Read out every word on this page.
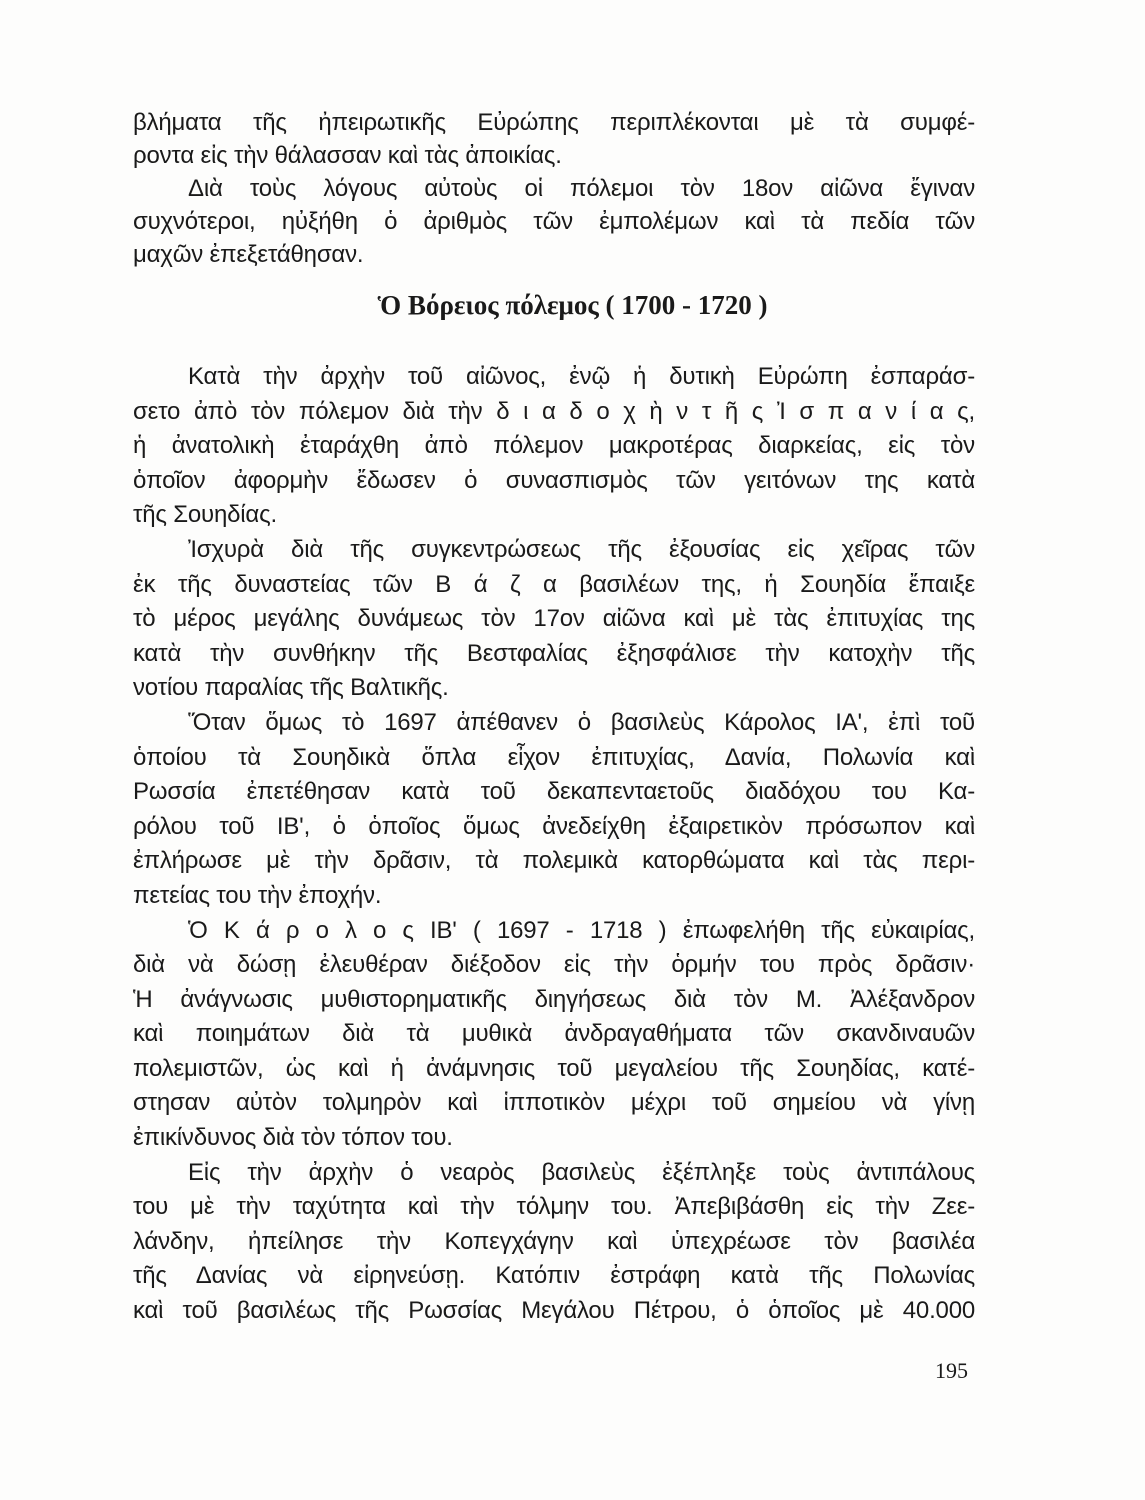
βλήματα τῆς ἠπειρωτικῆς Εὐρώπης περιπλέκονται μὲ τὰ συμφέ-
ροντα εἰς τὴν θάλασσαν καὶ τὰς ἀποικίας.
Διὰ τοὺς λόγους αὐτοὺς οἱ πόλεμοι τὸν 18ον αἰῶνα ἔγιναν
συχνότεροι, ηὐξήθη ὁ ἀριθμὸς τῶν ἐμπολέμων καὶ τὰ πεδία τῶν
μαχῶν ἐπεξετάθησαν.
Ὁ Βόρειος πόλεμος ( 1700 - 1720 )
Κατὰ τὴν ἀρχὴν τοῦ αἰῶνος, ἐνῷ ἡ δυτικὴ Εὐρώπη ἐσπαράσ-
σετο ἀπὸ τὸν πόλεμον διὰ τὴν δ ι α δ ο χ ὴ ν τ ῆ ς Ἰ σ π α ν ί α ς,
ἡ ἀνατολικὴ ἐταράχθη ἀπὸ πόλεμον μακροτέρας διαρκείας, εἰς τὸν
ὁποῖον ἀφορμὴν ἔδωσεν ὁ συνασπισμὸς τῶν γειτόνων της κατὰ
τῆς Σουηδίας.
Ἰσχυρὰ διὰ τῆς συγκεντρώσεως τῆς ἐξουσίας εἰς χεῖρας τῶν
ἐκ τῆς δυναστείας τῶν Β ά ζ α βασιλέων της, ἡ Σουηδία ἔπαιξε
τὸ μέρος μεγάλης δυνάμεως τὸν 17ον αἰῶνα καὶ μὲ τὰς ἐπιτυχίας της
κατὰ τὴν συνθήκην τῆς Βεστφαλίας ἐξησφάλισε τὴν κατοχὴν τῆς
νοτίου παραλίας τῆς Βαλτικῆς.
Ὅταν ὅμως τὸ 1697 ἀπέθανεν ὁ βασιλεὺς Κάρολος ΙΑ', ἐπὶ τοῦ
ὁποίου τὰ Σουηδικὰ ὅπλα εἶχον ἐπιτυχίας, Δανία, Πολωνία καὶ
Ρωσσία ἐπετέθησαν κατὰ τοῦ δεκαπενταετοῦς διαδόχου του Κα-
ρόλου τοῦ ΙΒ', ὁ ὁποῖος ὅμως ἀνεδείχθη ἐξαιρετικὸν πρόσωπον καὶ
ἐπλήρωσε μὲ τὴν δρᾶσιν, τὰ πολεμικὰ κατορθώματα καὶ τὰς περι-
πετείας του τὴν ἐποχήν.
Ὁ Κ ά ρ ο λ ο ς ΙΒ' ( 1697 - 1718 ) ἐπωφελήθη τῆς εὐκαιρίας,
διὰ νὰ δώσῃ ἐλευθέραν διέξοδον εἰς τὴν ὁρμήν του πρὸς δρᾶσιν·
Ἡ ἀνάγνωσις μυθιστορηματικῆς διηγήσεως διὰ τὸν Μ. Ἀλέξανδρον
καὶ ποιημάτων διὰ τὰ μυθικὰ ἀνδραγαθήματα τῶν σκανδιναυῶν
πολεμιστῶν, ὡς καὶ ἡ ἀνάμνησις τοῦ μεγαλείου τῆς Σουηδίας, κατέ-
στησαν αὐτὸν τολμηρὸν καὶ ἱπποτικὸν μέχρι τοῦ σημείου νὰ γίνῃ
ἐπικίνδυνος διὰ τὸν τόπον του.
Εἰς τὴν ἀρχὴν ὁ νεαρὸς βασιλεὺς ἐξέπληξε τοὺς ἀντιπάλους
του μὲ τὴν ταχύτητα καὶ τὴν τόλμην του. Ἀπεβιβάσθη εἰς τὴν Ζεε-
λάνδην, ἠπείλησε τὴν Κοπεγχάγην καὶ ὑπεχρέωσε τὸν βασιλέα
τῆς Δανίας νὰ εἰρηνεύσῃ. Κατόπιν ἐστράφη κατὰ τῆς Πολωνίας
καὶ τοῦ βασιλέως τῆς Ρωσσίας Μεγάλου Πέτρου, ὁ ὁποῖος μὲ 40.000
195
